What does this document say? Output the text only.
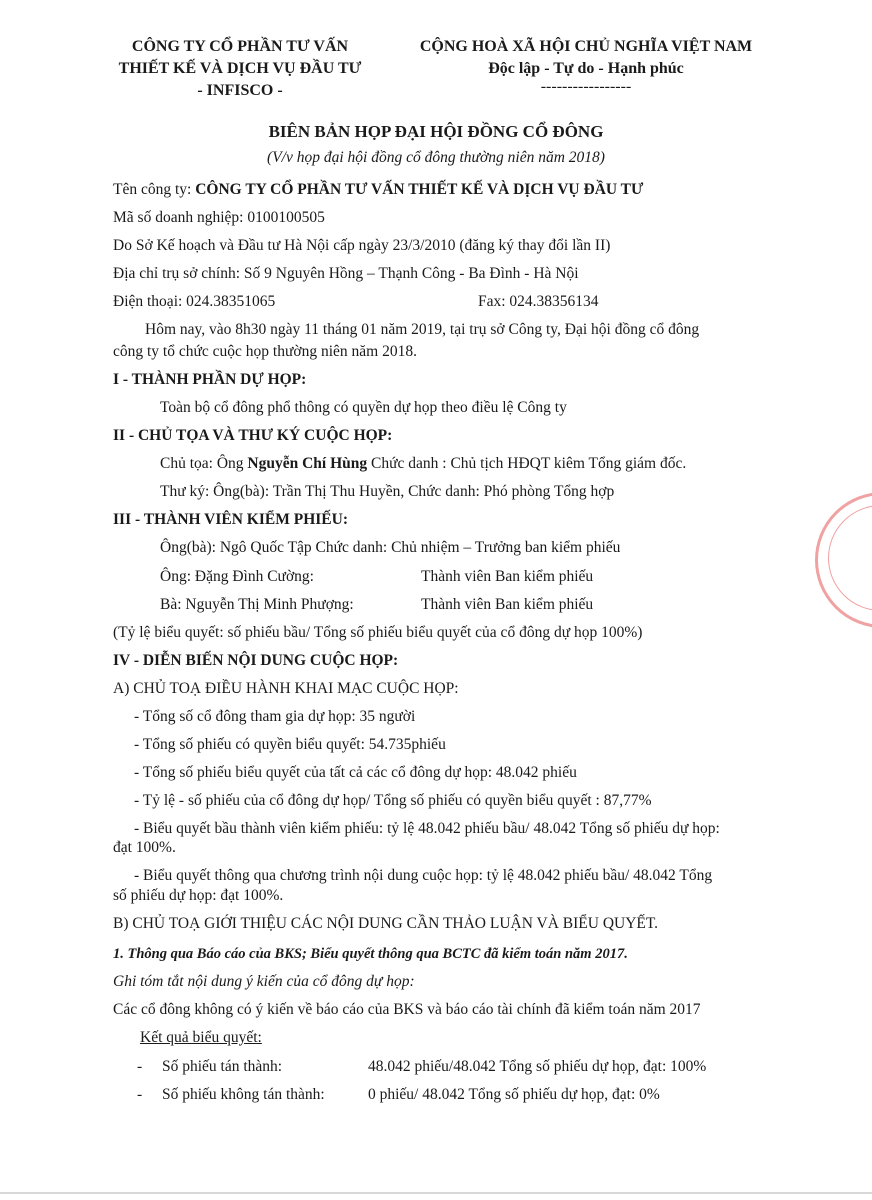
CÔNG TY CỔ PHẦN TƯ VẤN
THIẾT KẾ VÀ DỊCH VỤ ĐẦU TƯ
- INFISCO -
CỘNG HOÀ XÃ HỘI CHỦ NGHĨA VIỆT NAM
Độc lập - Tự do - Hạnh phúc
-----------------
BIÊN BẢN HỌP ĐẠI HỘI ĐỒNG CỔ ĐÔNG
(V/v họp đại hội đồng cổ đông thường niên năm 2018)
Tên công ty: CÔNG TY CỔ PHẦN TƯ VẤN THIẾT KẾ VÀ DỊCH VỤ ĐẦU TƯ
Mã số doanh nghiệp: 0100100505
Do Sở Kế hoạch và Đầu tư Hà Nội cấp ngày 23/3/2010 (đăng ký thay đổi lần II)
Địa chỉ trụ sở chính: Số 9 Nguyên Hồng – Thạnh Công - Ba Đình - Hà Nội
Điện thoại: 024.38351065	Fax: 024.38356134
Hôm nay, vào 8h30 ngày 11 tháng 01 năm 2019, tại trụ sở Công ty, Đại hội đồng cổ đông
công ty tổ chức cuộc họp thường niên năm 2018.
I - THÀNH PHẦN DỰ HỌP:
Toàn bộ cổ đông phổ thông có quyền dự họp theo điều lệ Công ty
II - CHỦ TỌA VÀ THƯ KÝ CUỘC HỌP:
Chủ tọa: Ông Nguyễn Chí Hùng Chức danh : Chủ tịch HĐQT kiêm Tổng giám đốc.
Thư ký: Ông(bà): Trần Thị Thu Huyền, Chức danh: Phó phòng Tổng hợp
III - THÀNH VIÊN KIỂM PHIẾU:
Ông(bà): Ngô Quốc Tập Chức danh: Chủ nhiệm – Trưởng ban kiểm phiếu
Ông: Đặng Đình Cường:	Thành viên Ban kiểm phiếu
Bà: Nguyễn Thị Minh Phượng:	Thành viên Ban kiểm phiếu
(Tỷ lệ biểu quyết: số phiếu bầu/ Tổng số phiếu biểu quyết của cổ đông dự họp 100%)
IV - DIỄN BIẾN NỘI DUNG CUỘC HỌP:
A) CHỦ TOẠ ĐIỀU HÀNH KHAI MẠC CUỘC HỌP:
- Tổng số cổ đông tham gia dự họp: 35 người
- Tổng số phiếu có quyền biểu quyết: 54.735phiếu
- Tổng số phiếu biểu quyết của tất cả các cổ đông dự họp: 48.042 phiếu
- Tỷ lệ - số phiếu của cổ đông dự họp/ Tổng số phiếu có quyền biểu quyết : 87,77%
- Biểu quyết bầu thành viên kiểm phiếu: tỷ lệ 48.042 phiếu bầu/ 48.042 Tổng số phiếu dự họp:
đạt 100%.
- Biểu quyết thông qua chương trình nội dung cuộc họp: tỷ lệ 48.042 phiếu bầu/ 48.042 Tổng
số phiếu dự họp: đạt 100%.
B) CHỦ TOẠ GIỚI THIỆU CÁC NỘI DUNG CẦN THẢO LUẬN VÀ BIỂU QUYẾT.
1. Thông qua Báo cáo của BKS; Biểu quyết thông qua BCTC đã kiểm toán năm 2017.
Ghi tóm tắt nội dung ý kiến của cổ đông dự họp:
Các cổ đông không có ý kiến về báo cáo của BKS và báo cáo tài chính đã kiểm toán năm 2017
Kết quả biểu quyết:
- Số phiếu tán thành:	48.042 phiếu/48.042 Tổng số phiếu dự họp, đạt: 100%
- Số phiếu không tán thành:	0 phiếu/ 48.042 Tổng số phiếu dự họp, đạt: 0%
